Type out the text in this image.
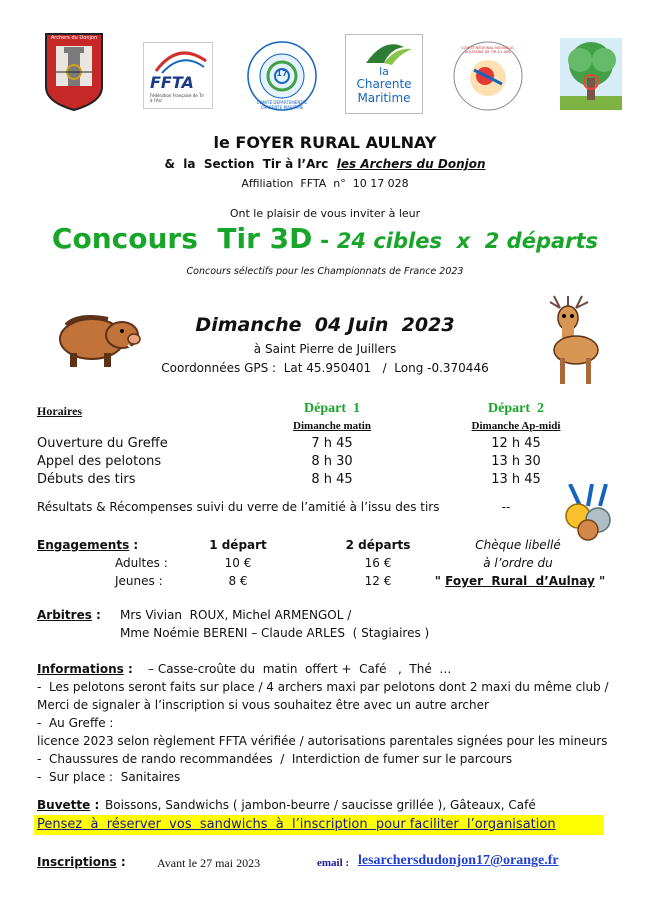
Archers du Donjon
FFTA
Fédération Française de Tir à l'Arc	COMITÉ DÉPARTEMENTAL CHARENTE MARITIME
17	la
Charente
Maritime
COMITÉ RÉGIONAL NOUVELLE-AQUITAINE DE TIR À L'ARC
le FOYER RURAL AULNAY
&  la  Section  Tir à l’Arc  les Archers du Donjon
Affiliation  FFTA  n°  10 17 028
Ont le plaisir de vous inviter à leur
Concours  Tir 3D - 24 cibles  x  2 départs
Concours sélectifs pour les Championnats de France 2023
Dimanche  04 Juin  2023
à Saint Pierre de Juillers
Coordonnées GPS :  Lat 45.950401   /  Long -0.370446
Horaires	Départ  1	Départ  2
Dimanche matin	Dimanche Ap-midi
Ouverture du Greffe	7 h 45	12 h 45
Appel des pelotons	8 h 30	13 h 30
Débuts des tirs	8 h 45	13 h 45
Résultats & Récompenses suivi du verre de l’amitié à l’issu des tirs	--
Engagements :	1 départ	2 départs	Chèque libellé
Adultes :	10 €	16 €	à l’ordre du
Jeunes :	8 €	12 €	" Foyer  Rural  d’Aulnay "
Arbitres : Mrs Vivian  ROUX, Michel ARMENGOL /
Mme Noémie BERENI – Claude ARLES  ( Stagiaires )
Informations : – Casse-croûte du  matin  offert +  Café   ,  Thé  …
-  Les pelotons seront faits sur place / 4 archers maxi par pelotons dont 2 maxi du même club /
Merci de signaler à l’inscription si vous souhaitez être avec un autre archer
-  Au Greffe :
licence 2023 selon règlement FFTA vérifiée / autorisations parentales signées pour les mineurs
-  Chaussures de rando recommandées  /  Interdiction de fumer sur le parcours
-  Sur place :  Sanitaires
Buvette : Boissons, Sandwichs ( jambon-beurre / saucisse grillée ), Gâteaux, Café
Pensez  à  réserver  vos  sandwichs  à  l’inscription  pour faciliter  l’organisation
Inscriptions :	Avant le 27 mai 2023	email : lesarchersdudonjon17@orange.fr
